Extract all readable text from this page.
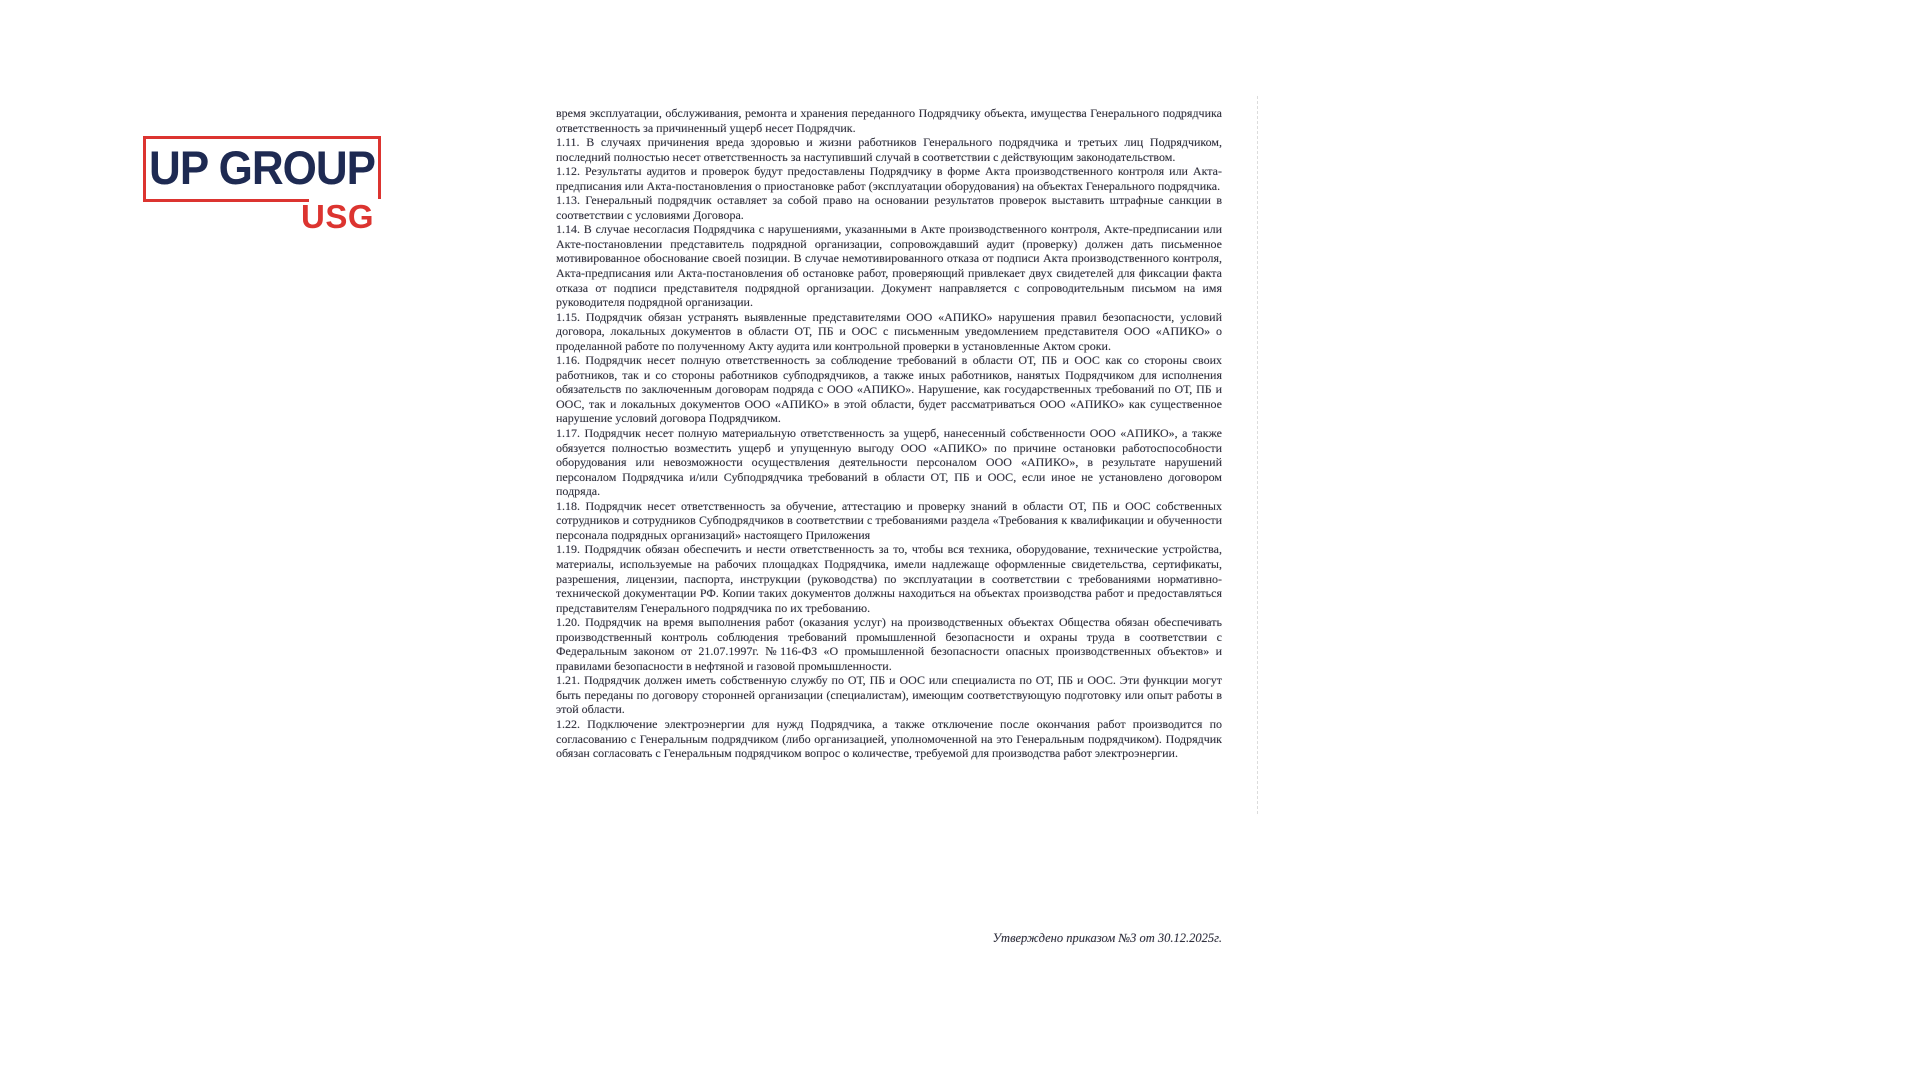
UP GROUP
USG

время эксплуатации, обслуживания, ремонта и хранения переданного Подрядчику объекта, имущества Генерального подрядчика ответственность за причиненный ущерб несет Подрядчик.

1.11. В случаях причинения вреда здоровью и жизни работников Генерального подрядчика и третьих лиц Подрядчиком, последний полностью несет ответственность за наступивший случай в соответствии с действующим законодательством.

1.12. Результаты аудитов и проверок будут предоставлены Подрядчику в форме Акта производственного контроля или Акта-предписания или Акта-постановления о приостановке работ (эксплуатации оборудования) на объектах Генерального подрядчика.

1.13. Генеральный подрядчик оставляет за собой право на основании результатов проверок выставить штрафные санкции в соответствии с условиями Договора.

1.14. В случае несогласия Подрядчика с нарушениями, указанными в Акте производственного контроля, Акте-предписании или Акте-постановлении представитель подрядной организации, сопровождавший аудит (проверку) должен дать письменное мотивированное обоснование своей позиции. В случае немотивированного отказа от подписи Акта производственного контроля, Акта-предписания или Акта-постановления об остановке работ, проверяющий привлекает двух свидетелей для фиксации факта отказа от подписи представителя подрядной организации. Документ направляется с сопроводительным письмом на имя руководителя подрядной организации.

1.15. Подрядчик обязан устранять выявленные представителями ООО «АПИКО» нарушения правил безопасности, условий договора, локальных документов в области ОТ, ПБ и ООС с письменным уведомлением представителя ООО «АПИКО» о проделанной работе по полученному Акту аудита или контрольной проверки в установленные Актом сроки.

1.16. Подрядчик несет полную ответственность за соблюдение требований в области ОТ, ПБ и ООС как со стороны своих работников, так и со стороны работников субподрядчиков, а также иных работников, нанятых Подрядчиком для исполнения обязательств по заключенным договорам подряда с ООО «АПИКО». Нарушение, как государственных требований по ОТ, ПБ и ООС, так и локальных документов ООО «АПИКО» в этой области, будет рассматриваться ООО «АПИКО» как существенное нарушение условий договора Подрядчиком.

1.17. Подрядчик несет полную материальную ответственность за ущерб, нанесенный собственности ООО «АПИКО», а также обязуется полностью возместить ущерб и упущенную выгоду ООО «АПИКО» по причине остановки работоспособности оборудования или невозможности осуществления деятельности персоналом ООО «АПИКО», в результате нарушений персоналом Подрядчика и/или Субподрядчика требований в области ОТ, ПБ и ООС, если иное не установлено договором подряда.

1.18. Подрядчик несет ответственность за обучение, аттестацию и проверку знаний в области ОТ, ПБ и ООС собственных сотрудников и сотрудников Субподрядчиков в соответствии с требованиями раздела «Требования к квалификации и обученности персонала подрядных организаций» настоящего Приложения

1.19. Подрядчик обязан обеспечить и нести ответственность за то, чтобы вся техника, оборудование, технические устройства, материалы, используемые на рабочих площадках Подрядчика, имели надлежаще оформленные свидетельства, сертификаты, разрешения, лицензии, паспорта, инструкции (руководства) по эксплуатации в соответствии с требованиями нормативно-технической документации РФ. Копии таких документов должны находиться на объектах производства работ и предоставляться представителям Генерального подрядчика по их требованию.

1.20. Подрядчик на время выполнения работ (оказания услуг) на производственных объектах Общества обязан обеспечивать производственный контроль соблюдения требований промышленной безопасности и охраны труда в соответствии с Федеральным законом от 21.07.1997г. №116-ФЗ «О промышленной безопасности опасных производственных объектов» и правилами безопасности в нефтяной и газовой промышленности.

1.21. Подрядчик должен иметь собственную службу по ОТ, ПБ и ООС или специалиста по ОТ, ПБ и ООС. Эти функции могут быть переданы по договору сторонней организации (специалистам), имеющим соответствующую подготовку или опыт работы в этой области.

1.22. Подключение электроэнергии для нужд Подрядчика, а также отключение после окончания работ производится по согласованию с Генеральным подрядчиком (либо организацией, уполномоченной на это Генеральным подрядчиком). Подрядчик обязан согласовать с Генеральным подрядчиком вопрос о количестве, требуемой для производства работ электроэнергии.

Утверждено приказом №3 от 30.12.2025г.
